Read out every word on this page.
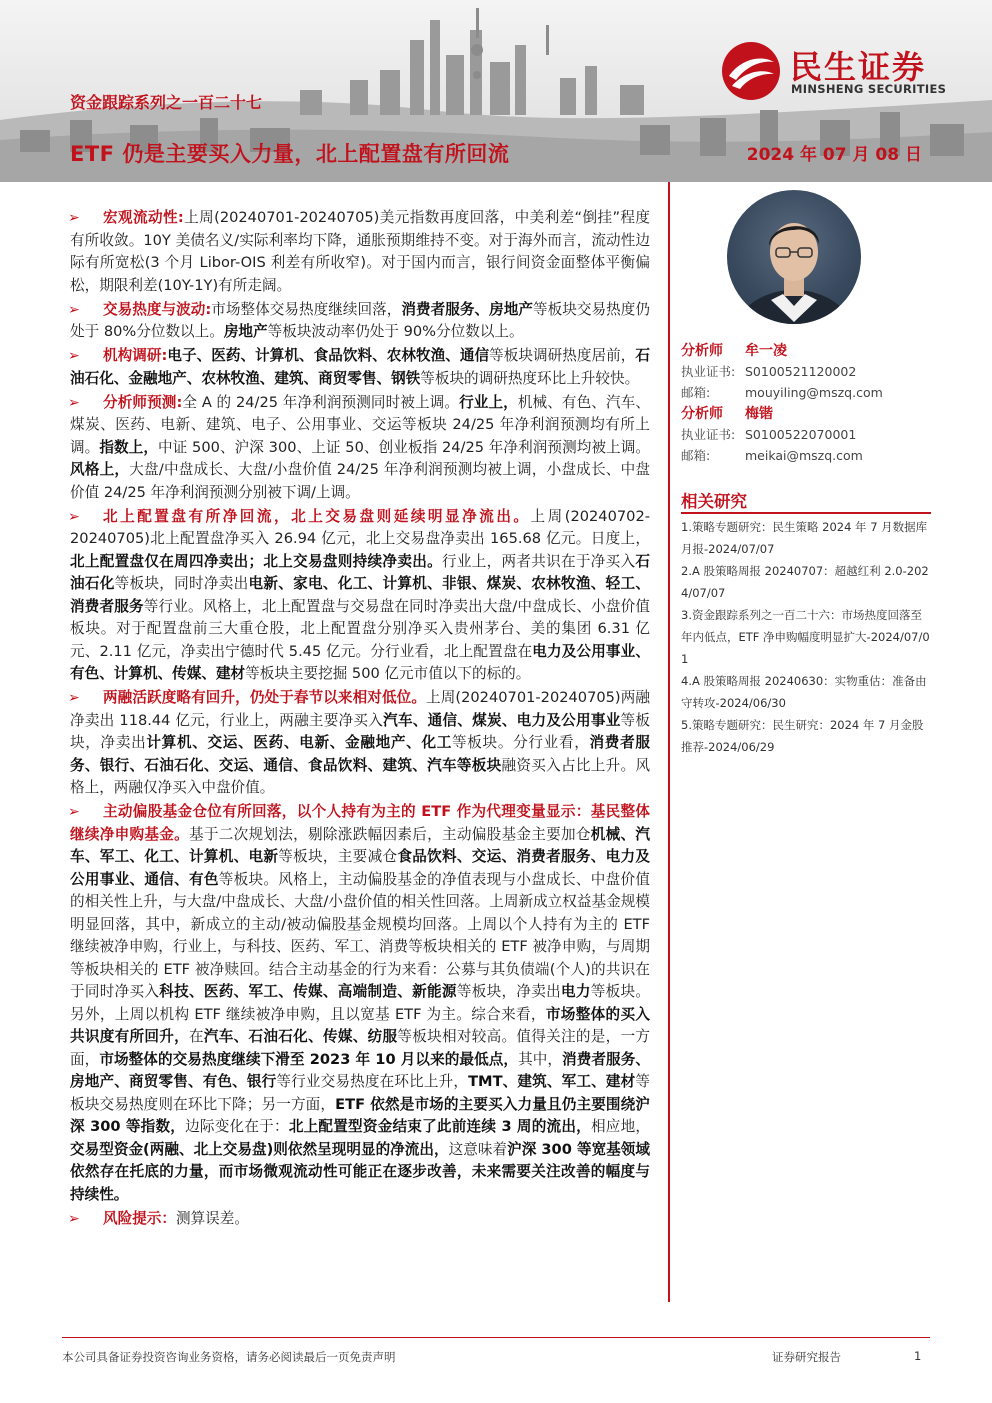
民生证券
MINSHENG SECURITIES
资金跟踪系列之一百二十七
ETF 仍是主要买入力量，北上配置盘有所回流	2024 年 07 月 08 日
➢ 宏观流动性:上周(20240701-20240705)美元指数再度回落，中美利差“倒挂”程度有所收敛。10Y 美债名义/实际利率均下降，通胀预期维持不变。对于海外而言，流动性边际有所宽松(3 个月 Libor-OIS 利差有所收窄)。对于国内而言，银行间资金面整体平衡偏松，期限利差(10Y-1Y)有所走阔。
➢ 交易热度与波动:市场整体交易热度继续回落，消费者服务、房地产等板块交易热度仍处于 80%分位数以上。房地产等板块波动率仍处于 90%分位数以上。
➢ 机构调研:电子、医药、计算机、食品饮料、农林牧渔、通信等板块调研热度居前，石油石化、金融地产、农林牧渔、建筑、商贸零售、钢铁等板块的调研热度环比上升较快。
➢ 分析师预测:全 A 的 24/25 年净利润预测同时被上调。行业上，机械、有色、汽车、煤炭、医药、电新、建筑、电子、公用事业、交运等板块 24/25 年净利润预测均有所上调。指数上，中证 500、沪深 300、上证 50、创业板指 24/25 年净利润预测均被上调。风格上，大盘/中盘成长、大盘/小盘价值 24/25 年净利润预测均被上调，小盘成长、中盘价值 24/25 年净利润预测分别被下调/上调。
➢ 北上配置盘有所净回流，北上交易盘则延续明显净流出。上周(20240702-20240705)北上配置盘净买入 26.94 亿元，北上交易盘净卖出 165.68 亿元。日度上，北上配置盘仅在周四净卖出；北上交易盘则持续净卖出。行业上，两者共识在于净买入石油石化等板块，同时净卖出电新、家电、化工、计算机、非银、煤炭、农林牧渔、轻工、消费者服务等行业。风格上，北上配置盘与交易盘在同时净卖出大盘/中盘成长、小盘价值板块。对于配置盘前三大重仓股，北上配置盘分别净买入贵州茅台、美的集团 6.31 亿元、2.11 亿元，净卖出宁德时代 5.45 亿元。分行业看，北上配置盘在电力及公用事业、有色、计算机、传媒、建材等板块主要挖掘 500 亿元市值以下的标的。
➢ 两融活跃度略有回升，仍处于春节以来相对低位。上周(20240701-20240705)两融净卖出 118.44 亿元，行业上，两融主要净买入汽车、通信、煤炭、电力及公用事业等板块，净卖出计算机、交运、医药、电新、金融地产、化工等板块。分行业看，消费者服务、银行、石油石化、交运、通信、食品饮料、建筑、汽车等板块融资买入占比上升。风格上，两融仅净买入中盘价值。
➢ 主动偏股基金仓位有所回落，以个人持有为主的 ETF 作为代理变量显示：基民整体继续净申购基金。基于二次规划法，剔除涨跌幅因素后，主动偏股基金主要加仓机械、汽车、军工、化工、计算机、电新等板块，主要减仓食品饮料、交运、消费者服务、电力及公用事业、通信、有色等板块。风格上，主动偏股基金的净值表现与小盘成长、中盘价值的相关性上升，与大盘/中盘成长、大盘/小盘价值的相关性回落。上周新成立权益基金规模明显回落，其中，新成立的主动/被动偏股基金规模均回落。上周以个人持有为主的 ETF 继续被净申购，行业上，与科技、医药、军工、消费等板块相关的 ETF 被净申购，与周期等板块相关的 ETF 被净赎回。结合主动基金的行为来看：公募与其负债端(个人)的共识在于同时净买入科技、医药、军工、传媒、高端制造、新能源等板块，净卖出电力等板块。另外，上周以机构 ETF 继续被净申购，且以宽基 ETF 为主。综合来看，市场整体的买入共识度有所回升，在汽车、石油石化、传媒、纺服等板块相对较高。值得关注的是，一方面，市场整体的交易热度继续下滑至 2023 年 10 月以来的最低点，其中，消费者服务、房地产、商贸零售、有色、银行等行业交易热度在环比上升，TMT、建筑、军工、建材等板块交易热度则在环比下降；另一方面，ETF 依然是市场的主要买入力量且仍主要围绕沪深 300 等指数，边际变化在于：北上配置型资金结束了此前连续 3 周的流出，相应地，交易型资金(两融、北上交易盘)则依然呈现明显的净流出，这意味着沪深 300 等宽基领域依然存在托底的力量，而市场微观流动性可能正在逐步改善，未来需要关注改善的幅度与持续性。
➢ 风险提示：测算误差。
分析师 牟一凌
执业证书: S0100521120002
邮箱:	mouyiling@mszq.com
分析师 梅锴
执业证书: S0100522070001
邮箱:	meikai@mszq.com
相关研究
1.策略专题研究：民生策略 2024 年 7 月数据库月报-2024/07/07
2.A 股策略周报 20240707：超越红利 2.0-2024/07/07
3.资金跟踪系列之一百二十六：市场热度回落至年内低点，ETF 净申购幅度明显扩大-2024/07/01
4.A 股策略周报 20240630：实物重估：准备由守转攻-2024/06/30
5.策略专题研究：民生研究：2024 年 7 月金股推荐-2024/06/29
本公司具备证券投资咨询业务资格，请务必阅读最后一页免责声明	证券研究报告	1
